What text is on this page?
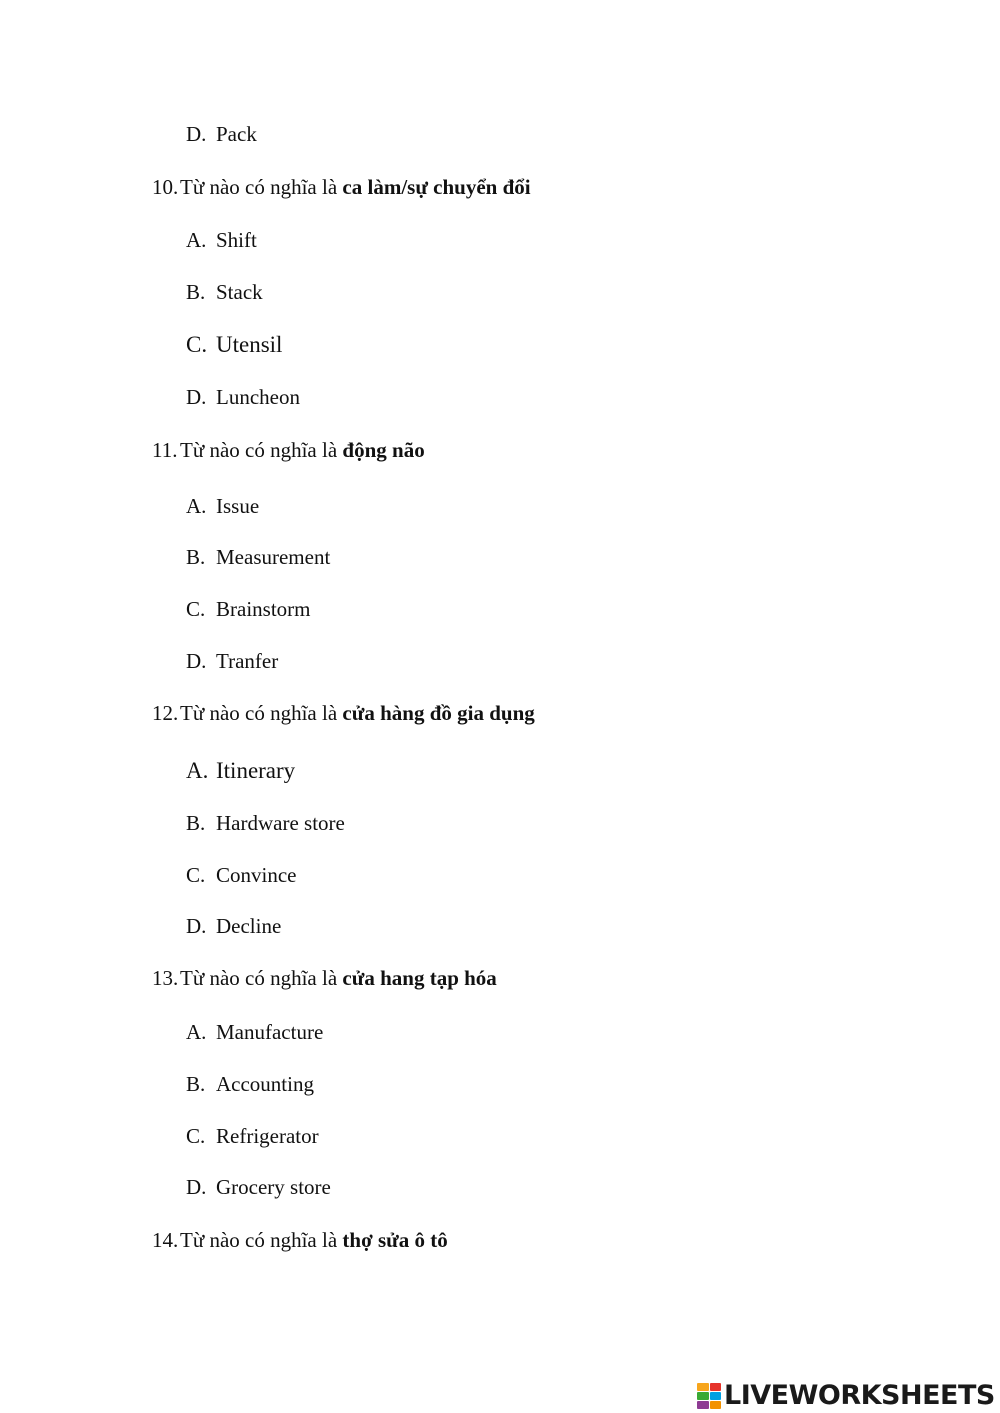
D. Pack
10.Từ nào có nghĩa là ca làm/sự chuyển đổi
A. Shift
B. Stack
C. Utensil
D. Luncheon
11. Từ nào có nghĩa là động não
A. Issue
B. Measurement
C. Brainstorm
D. Tranfer
12.Từ nào có nghĩa là cửa hàng đồ gia dụng
A. Itinerary
B. Hardware store
C. Convince
D. Decline
13.Từ nào có nghĩa là cửa hang tạp hóa
A. Manufacture
B. Accounting
C. Refrigerator
D. Grocery store
14.Từ nào có nghĩa là thợ sửa ô tô
LIVEWORKSHEETS
